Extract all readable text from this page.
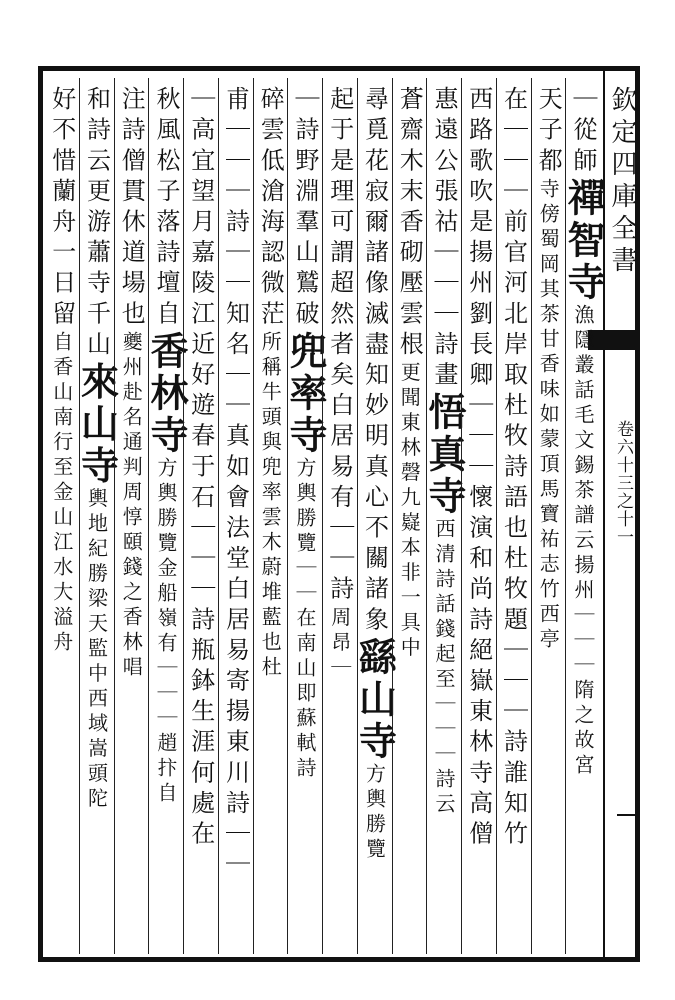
欽定四庫全書
卷六十三之十一
｜從師禪智寺漁隱叢話毛文錫茶譜云揚州｜｜｜隋之故宮
天子都寺傍蜀岡其茶甘香味如蒙頂馬寶祐志竹西亭
在｜｜｜前官河北岸取杜牧詩語也杜牧題｜｜｜詩誰知竹
西路歌吹是揚州劉長卿｜｜｜懷演和尚詩絕嶽東林寺高僧
惠遠公張祜｜｜｜詩畫悟真寺西清詩話錢起至｜｜｜詩云
蒼齋木末香砌壓雲根更聞東林磬九嶷本非一具中
尋覓花寂爾諸像滅盡知妙明真心不關諸象繇山寺方輿勝覽
起于是理可謂超然者矣白居易有｜｜詩周昂｜
｜詩野淵羣山鷲破兜率寺方輿勝覽｜｜在南山即蘇軾詩
碎雲低滄海認微茫所稱牛頭與兜率雲木蔚堆藍也杜
甫｜｜｜詩｜｜知名｜｜真如會法堂白居易寄揚東川詩｜｜
｜高宜望月嘉陵江近好遊春于石｜｜｜詩瓶鉢生涯何處在
秋風松子落詩壇自香林寺方輿勝覽金船嶺有｜｜｜趙抃自
注詩僧貫休道場也夔州赴名通判周惇頤錢之香林唱
和詩云更游蕭寺千山來山寺輿地紀勝梁天監中西域嵩頭陀
好不惜蘭舟一日留自香山南行至金山江水大溢舟
